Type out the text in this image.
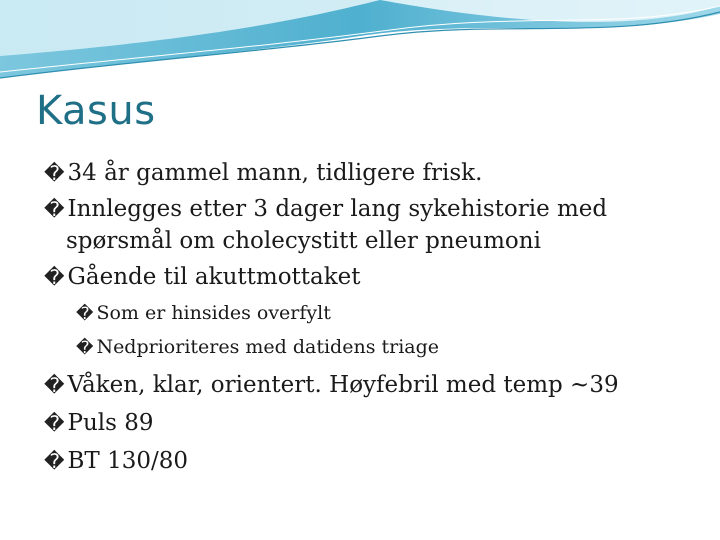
Kasus
� 34 år gammel mann, tidligere frisk.
� Innlegges etter 3 dager lang sykehistorie med
spørsmål om cholecystitt eller pneumoni
� Gående til akuttmottaket
� Som er hinsides overfylt
� Nedprioriteres med datidens triage
� Våken, klar, orientert. Høyfebril med temp ~39
� Puls 89
� BT 130/80
